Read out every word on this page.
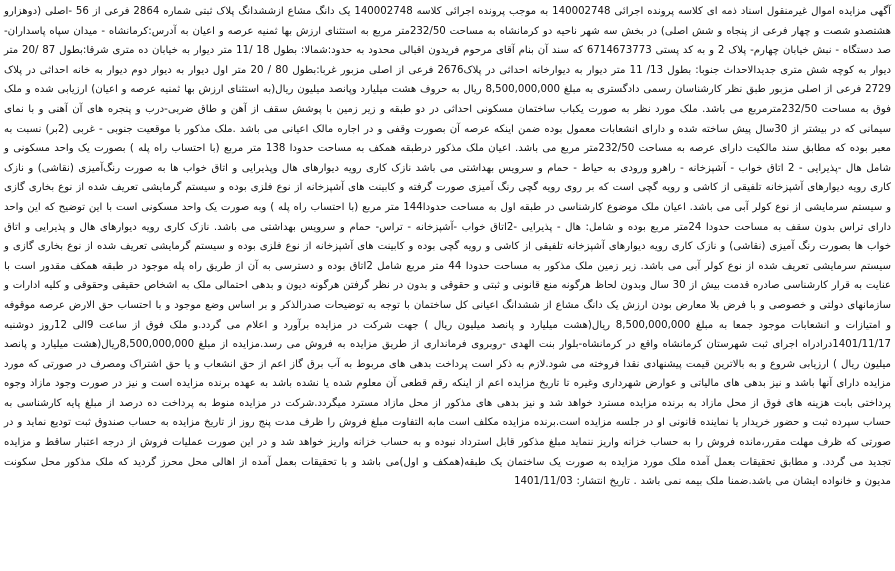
آگهی مزایده اموال غیرمنقول اسناد ذمه ای کلاسه پرونده اجرائی 140002748 به موجب پرونده اجرائی کلاسه 140002748 یک دانگ مشاع ازششدانگ پلاک ثبتی شماره 2864 فرعی از 56 -اصلی (دوهزارو هشتصدو شصت و چهار فرعی از پنجاه و شش اصلی) در بخش سه شهر ناحیه دو کرمانشاه به مساحت 232/50متر مربع به استثنای ارزش بها ثمنیه عرصه و اعیان به آدرس:کرمانشاه - میدان سپاه پاسداران- صد دستگاه - نبش خیابان چهارم- پلاک 2 و به کد پستی 6714673773 که سند آن بنام آقای مرحوم فریدون اقبالی محدود به حدود:شمالا: بطول 18 /11 متر دیوار به خیابان ده متری شرقا:بطول 87 /20 متر دیوار به کوچه شش متری جدیدالاحداث جنوبا: بطول 13/ 11 متر دیوار به دیوارخانه احداثی در پلاک2676 فرعی از اصلی مزبور غربا:بطول 80 / 20 متر اول دیوار به دیوار دوم دیوار به خانه احداثی در پلاک 2729 فرعی از اصلی مزبور طبق نظر کارشناسان رسمی دادگستری به مبلغ 8,500,000,000 ریال به حروف هشت میلیارد وپانصد میلیون ریال(به استثنای ارزش بها ثمنیه عرصه و اعیان) ارزیابی شده و ملک فوق به مساحت 232/50مترمربع می باشد. ملک مورد نظر به صورت یکباب ساختمان مسکونی احداثی در دو طبقه و زیر زمین با پوشش سقف از آهن و طاق ضربی-درب و پنجره های آن آهنی و با نمای سیمانی که در بیشتر از 30سال پیش ساخته شده و دارای انشعابات معمول بوده ضمن اینکه عرصه آن بصورت وقفی و در اجاره مالک اعیانی می باشد .ملک مذکور با موقعیت جنوبی - غربی (2بر) نسبت به معبر بوده که مطابق سند مالکیت دارای عرصه به مساحت 232/50متر مربع می باشد. اعیان ملک مذکور درطبقه همکف به مساحت حدودا 138 متر مربع (با احتساب راه پله ) بصورت یک واحد مسکونی و شامل هال -پذیرایی - 2 اتاق خواب - آشپزخانه - راهرو ورودی به حیاط - حمام و سرویس بهداشتی می باشد نازک کاری رویه دیوارهای هال وپذیرایی و اتاق خواب ها به صورت رنگ‌آمیزی (نقاشی) و نازک کاری رویه دیوارهای آشپزخانه تلفیقی از کاشی و رویه گچی است که بر روی رویه گچی رنگ آمیزی صورت گرفته و کابینت های آشپزخانه از نوع فلزی بوده و سیستم گرمایشی تعریف شده از نوع بخاری گازی و سیستم سرمایشی از نوع کولر آبی می باشد. اعیان ملک موضوع کارشناسی در طبقه اول به مساحت حدودا144 متر مربع (با احتساب راه پله ) وبه صورت یک واحد مسکونی است با این توضیح که این واحد دارای تراس بدون سقف به مساحت حدودا 24متر مربع بوده و شامل: هال - پذیرایی -2اتاق خواب -آشپزخانه - تراس- حمام و سرویس بهداشتی می باشد. نازک کاری رویه دیوارهای هال و پذیرایی و اتاق خواب ها بصورت رنگ آمیزی (نقاشی) و نازک کاری رویه دیوارهای آشپزخانه تلفیقی از کاشی و رویه گچی بوده و کابینت های آشپزخانه از نوع فلزی بوده و سیستم گرمایشی تعریف شده از نوع بخاری گازی و سیستم سرمایشی تعریف شده از نوع کولر آبی می باشد. زیر زمین ملک مذکور به مساحت حدودا 44 متر مربع شامل 2اتاق بوده و دسترسی به آن از طریق راه پله موجود در طبقه همکف مقدور است با عنایت به قرار کارشناسی صادره قدمت بیش از 30 سال وبدون لحاظ هرگونه منع قانونی و ثبتی و حقوقی و بدون در نظر گرفتن هرگونه دیون و بدهی احتمالی ملک به اشخاص حقیقی وحقوقی و کلیه ادارات و سازمانهای دولتی و خصوصی و با فرض بلا معارض بودن ارزش یک دانگ مشاع از ششدانگ اعیانی کل ساختمان با توجه به توضیحات صدرالذکر و بر اساس وضع موجود و با احتساب حق الارض عرصه موقوفه و امتیازات و انشعابات موجود جمعا به مبلغ 8,500,000,000 ریال(هشت میلیارد و پانصد میلیون ریال ) جهت شرکت در مزایده برآورد و اعلام می گردد.و ملک فوق از ساعت 9الی 12روز دوشنبه 1401/11/17درادراه اجرای ثبت شهرستان کرمانشاه واقع در کرمانشاه-بلوار بنت الهدی -روبروی فرمانداری از طریق مزایده به فروش می رسد.مزایده از مبلغ 8,500,000,000ریال(هشت میلیارد و پانصد میلیون ریال ) ارزیابی شروع و به بالاترین قیمت پیشنهادی نقدا فروخته می شود.لازم به ذکر است پرداخت بدهی های مربوط به آب برق گاز اعم از حق انشعاب و یا حق اشتراک ومصرف در صورتی که مورد مزایده دارای آنها باشد و نیز بدهی های مالیاتی و عوارض شهرداری وغیره تا تاریخ مزایده اعم از اینکه رقم قطعی آن معلوم شده یا نشده باشد به عهده برنده مزایده است و نیز در صورت وجود مازاد وجوه پرداختی بابت هزینه های فوق از محل مازاد به برنده مزایده مسترد خواهد شد و نیز بدهی های مذکور از محل مازاد مسترد میگردد.شرکت در مزایده منوط به پرداخت ده درصد از مبلغ پایه کارشناسی به حساب سپرده ثبت و حضور خریدار یا نماینده قانونی او در جلسه مزایده است.برنده مزایده مکلف است مابه التفاوت مبلغ فروش را ظرف مدت پنج روز از تاریخ مزایده به حساب صندوق ثبت تودیع نماید و در صورتی که ظرف مهلت مقرر،مانده فروش را به حساب خزانه واریز ننماید مبلغ مذکور قابل استرداد نبوده و به حساب خزانه واریز خواهد شد و در این صورت عملیات فروش از درجه اعتبار ساقط و مزایده تجدید می گردد. و مطابق تحقیقات بعمل آمده ملک مورد مزایده به صورت یک ساختمان یک طبقه(همکف و اول)می باشد و با تحقیقات بعمل آمده از اهالی محل محرز گردید که ملک مذکور محل سکونت مدیون و خانواده ایشان می باشد.ضمنا ملک بیمه نمی باشد . تاریخ انتشار: 1401/11/03
